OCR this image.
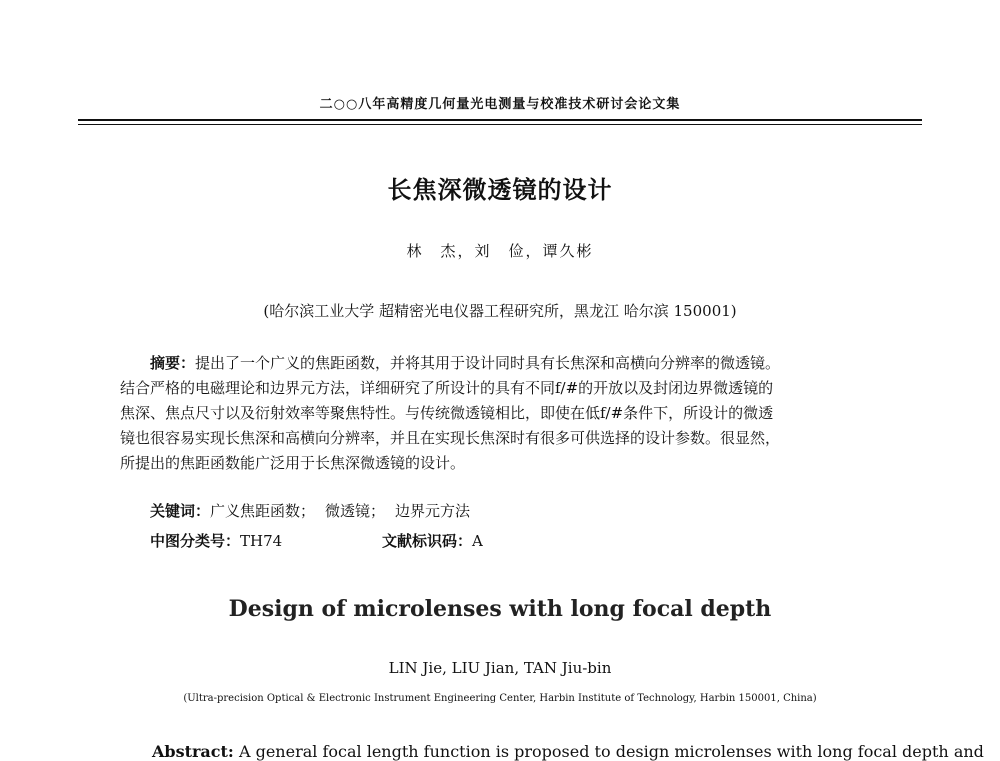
二○○八年高精度几何量光电测量与校准技术研讨会论文集
长焦深微透镜的设计
林　杰，刘　俭，谭久彬
(哈尔滨工业大学 超精密光电仪器工程研究所，黑龙江 哈尔滨 150001)
摘要：提出了一个广义的焦距函数，并将其用于设计同时具有长焦深和高横向分辨率的微透镜。
结合严格的电磁理论和边界元方法，详细研究了所设计的具有不同f/#的开放以及封闭边界微透镜的
焦深、焦点尺寸以及衍射效率等聚焦特性。与传统微透镜相比，即使在低f/#条件下，所设计的微透
镜也很容易实现长焦深和高横向分辨率，并且在实现长焦深时有很多可供选择的设计参数。很显然，
所提出的焦距函数能广泛用于长焦深微透镜的设计。
关键词：广义焦距函数； 微透镜； 边界元方法
中图分类号：TH74	文献标识码：A
Design of microlenses with long focal depth
LIN Jie, LIU Jian, TAN Jiu-bin
(Ultra-precision Optical & Electronic Instrument Engineering Center, Harbin Institute of Technology, Harbin 150001, China)
Abstract: A general focal length function is proposed to design microlenses with long focal depth and
